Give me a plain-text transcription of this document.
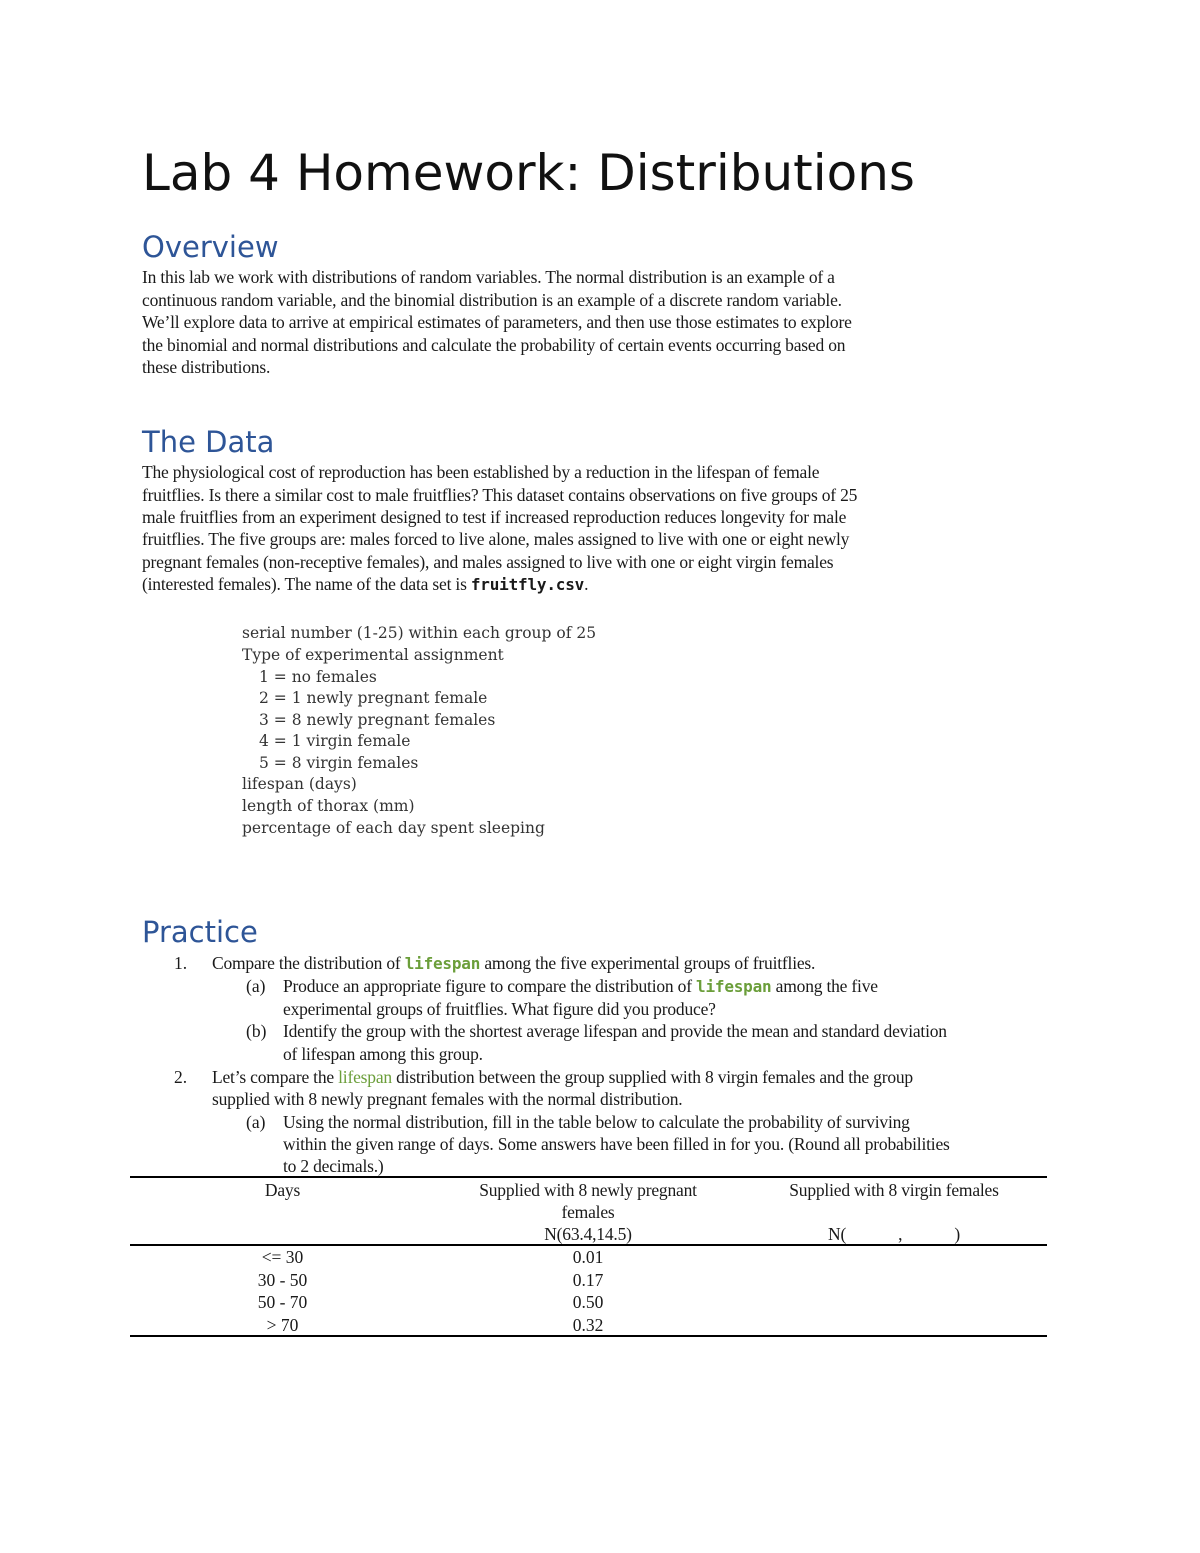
Lab 4 Homework: Distributions
Overview

In this lab we work with distributions of random variables. The normal distribution is an example of a

continuous random variable, and the binomial distribution is an example of a discrete random variable.

We’ll explore data to arrive at empirical estimates of parameters, and then use those estimates to explore

the binomial and normal distributions and calculate the probability of certain events occurring based on

these distributions.

The Data

The physiological cost of reproduction has been established by a reduction in the lifespan of female

fruitflies. Is there a similar cost to male fruitflies? This dataset contains observations on five groups of 25

male fruitflies from an experiment designed to test if increased reproduction reduces longevity for male

fruitflies. The five groups are: males forced to live alone, males assigned to live with one or eight newly

pregnant females (non-receptive females), and males assigned to live with one or eight virgin females

(interested females). The name of the data set is fruitfly.csv.

serial number (1-25) within each group of 25
Type of experimental assignment
1 = no females
2 = 1 newly pregnant female
3 = 8 newly pregnant females
4 = 1 virgin female
5 = 8 virgin females
lifespan (days)
length of thorax (mm)
percentage of each day spent sleeping
Practice
1. Compare the distribution of lifespan among the five experimental groups of fruitflies.
(a) Produce an appropriate figure to compare the distribution of lifespan among the five
experimental groups of fruitflies. What figure did you produce?
(b) Identify the group with the shortest average lifespan and provide the mean and standard deviation
of lifespan among this group.
2. Let’s compare the lifespan distribution between the group supplied with 8 virgin females and the group
supplied with 8 newly pregnant females with the normal distribution.
(a) Using the normal distribution, fill in the table below to calculate the probability of surviving
within the given range of days. Some answers have been filled in for you. (Round all probabilities
to 2 decimals.)
Days	Supplied with 8 newly pregnant
females
N(63.4,14.5)
Supplied with 8 virgin females
N(	,	)
<= 30	0.01
30 - 50	0.17
50 - 70	0.50
> 70	0.32
